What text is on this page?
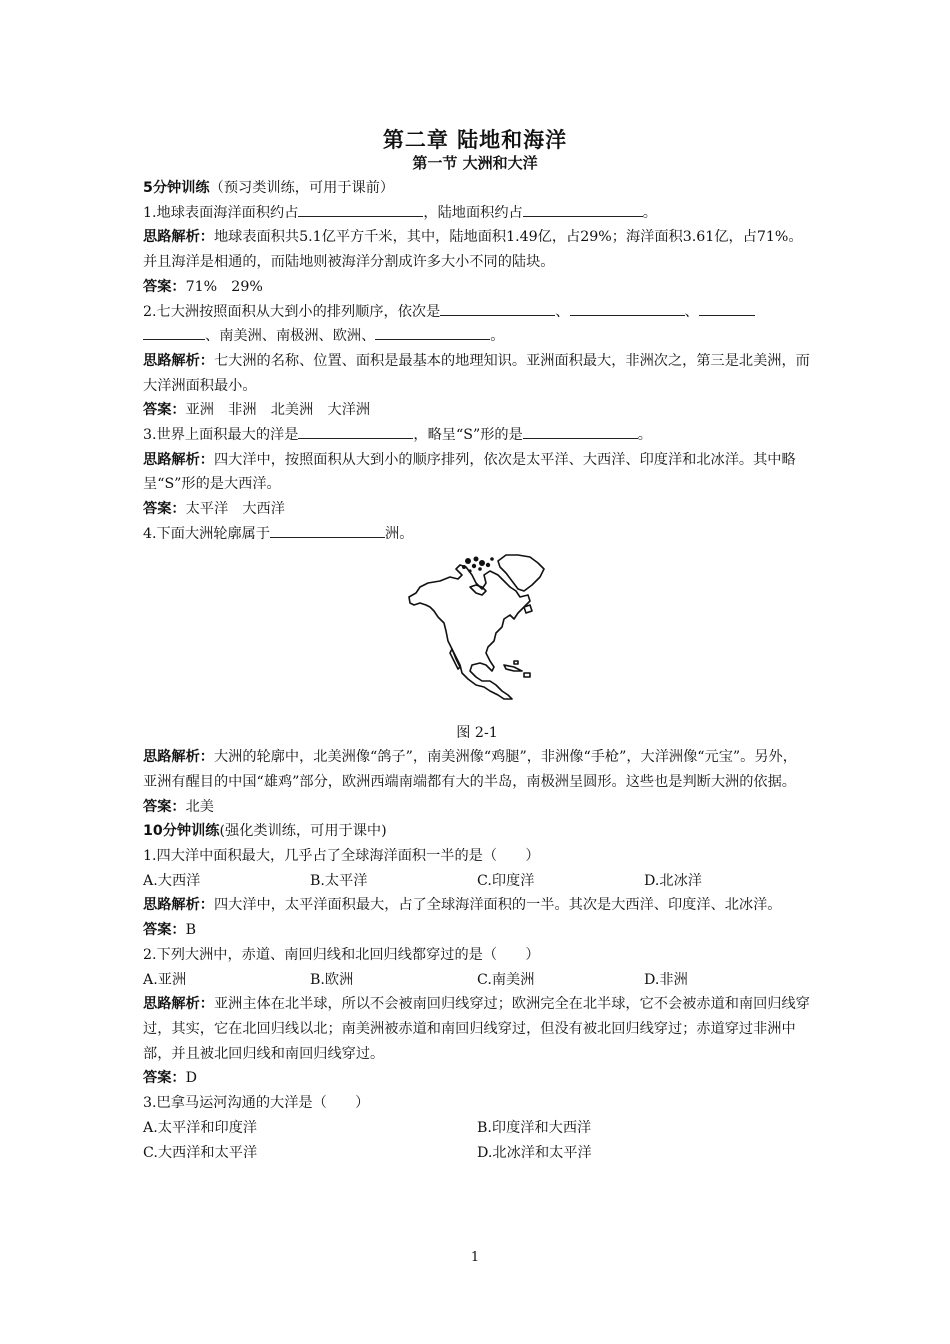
第二章 陆地和海洋
第一节 大洲和大洋

5分钟训练（预习类训练，可用于课前）

1.地球表面海洋面积约占	，陆地面积约占	。

思路解析：地球表面积共5.1亿平方千米，其中，陆地面积1.49亿，占29%；海洋面积3.61亿，占71%。并且海洋是相通的，而陆地则被海洋分割成许多大小不同的陆块。

答案：71%　29%

2.七大洲按照面积从大到小的排列顺序，依次是	、	、
、南美洲、南极洲、欧洲、	。

思路解析：七大洲的名称、位置、面积是最基本的地理知识。亚洲面积最大，非洲次之，第三是北美洲，而大洋洲面积最小。

答案：亚洲　非洲　北美洲　大洋洲

3.世界上面积最大的洋是	，略呈“S”形的是	。

思路解析：四大洋中，按照面积从大到小的顺序排列，依次是太平洋、大西洋、印度洋和北冰洋。其中略呈“S”形的是大西洋。

答案：太平洋　大西洋

4.下面大洲轮廓属于	洲。

图 2-1

思路解析：大洲的轮廓中，北美洲像“鸽子”，南美洲像“鸡腿”，非洲像“手枪”，大洋洲像“元宝”。另外，亚洲有醒目的中国“雄鸡”部分，欧洲西端南端都有大的半岛，南极洲呈圆形。这些也是判断大洲的依据。

答案：北美

10分钟训练(强化类训练，可用于课中)

1.四大洋中面积最大，几乎占了全球海洋面积一半的是（　　）

A.大西洋	B.太平洋	C.印度洋	D.北冰洋

思路解析：四大洋中，太平洋面积最大，占了全球海洋面积的一半。其次是大西洋、印度洋、北冰洋。

答案：B

2.下列大洲中，赤道、南回归线和北回归线都穿过的是（　　）

A.亚洲	B.欧洲	C.南美洲	D.非洲

思路解析：亚洲主体在北半球，所以不会被南回归线穿过；欧洲完全在北半球，它不会被赤道和南回归线穿过，其实，它在北回归线以北；南美洲被赤道和南回归线穿过，但没有被北回归线穿过；赤道穿过非洲中部，并且被北回归线和南回归线穿过。

答案：D

3.巴拿马运河沟通的大洋是（　　）

A.太平洋和印度洋	B.印度洋和大西洋
C.大西洋和太平洋	D.北冰洋和太平洋
1
